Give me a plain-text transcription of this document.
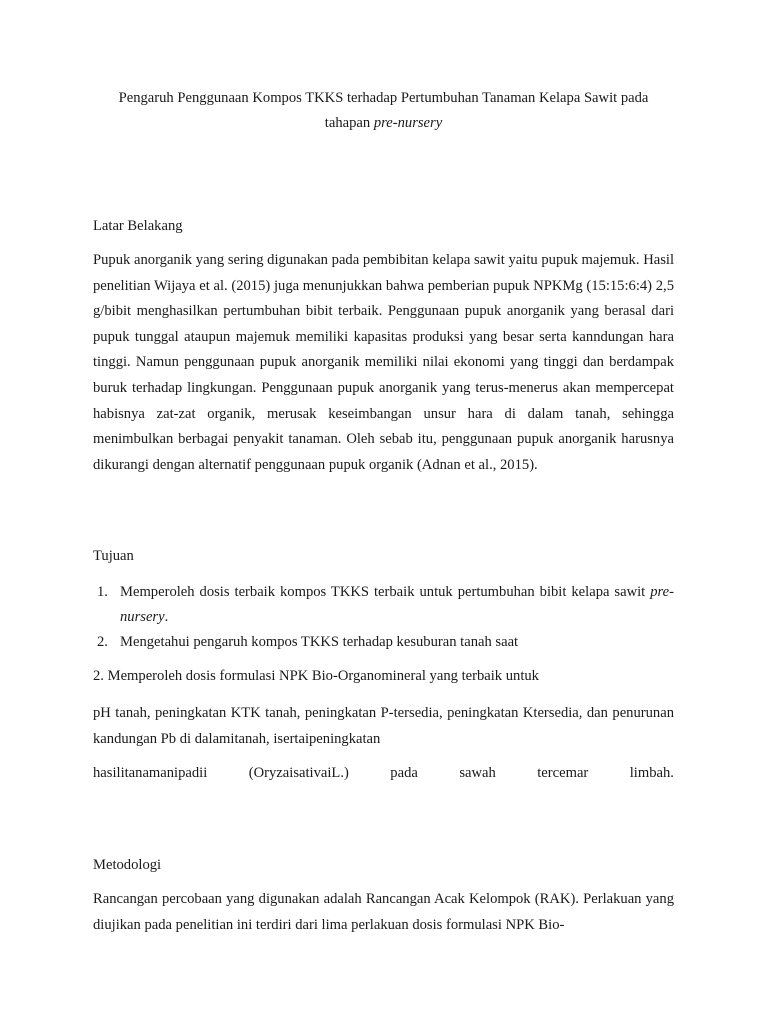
Pengaruh Penggunaan Kompos TKKS terhadap Pertumbuhan Tanaman Kelapa Sawit pada
tahapan pre-nursery
Latar Belakang

Pupuk anorganik yang sering digunakan pada pembibitan kelapa sawit yaitu pupuk majemuk. Hasil penelitian Wijaya et al. (2015) juga menunjukkan bahwa pemberian pupuk NPKMg (15:15:6:4) 2,5 g/bibit menghasilkan pertumbuhan bibit terbaik. Penggunaan pupuk anorganik yang berasal dari pupuk tunggal ataupun majemuk memiliki kapasitas produksi yang besar serta kanndungan hara tinggi. Namun penggunaan pupuk anorganik memiliki nilai ekonomi yang tinggi dan berdampak buruk terhadap lingkungan. Penggunaan pupuk anorganik yang terus-menerus akan mempercepat habisnya zat-zat organik, merusak keseimbangan unsur hara di dalam tanah, sehingga menimbulkan berbagai penyakit tanaman. Oleh sebab itu, penggunaan pupuk anorganik harusnya dikurangi dengan alternatif penggunaan pupuk organik (Adnan et al., 2015).

Tujuan
1. Memperoleh dosis terbaik kompos TKKS terbaik untuk pertumbuhan bibit kelapa sawit pre-nursery.
2. Mengetahui pengaruh kompos TKKS terhadap kesuburan tanah saat

2. Memperoleh dosis formulasi NPK Bio-Organomineral yang terbaik untuk

pH tanah, peningkatan KTK tanah, peningkatan P-tersedia, peningkatan Ktersedia, dan penurunan kandungan Pb di dalamitanah, isertaipeningkatan

hasilitanamanipadii	(OryzaisativaiL.)	pada	sawah	tercemar	limbah.

Metodologi

Rancangan percobaan yang digunakan adalah Rancangan Acak Kelompok (RAK). Perlakuan yang diujikan pada penelitian ini terdiri dari lima perlakuan dosis formulasi NPK Bio-
